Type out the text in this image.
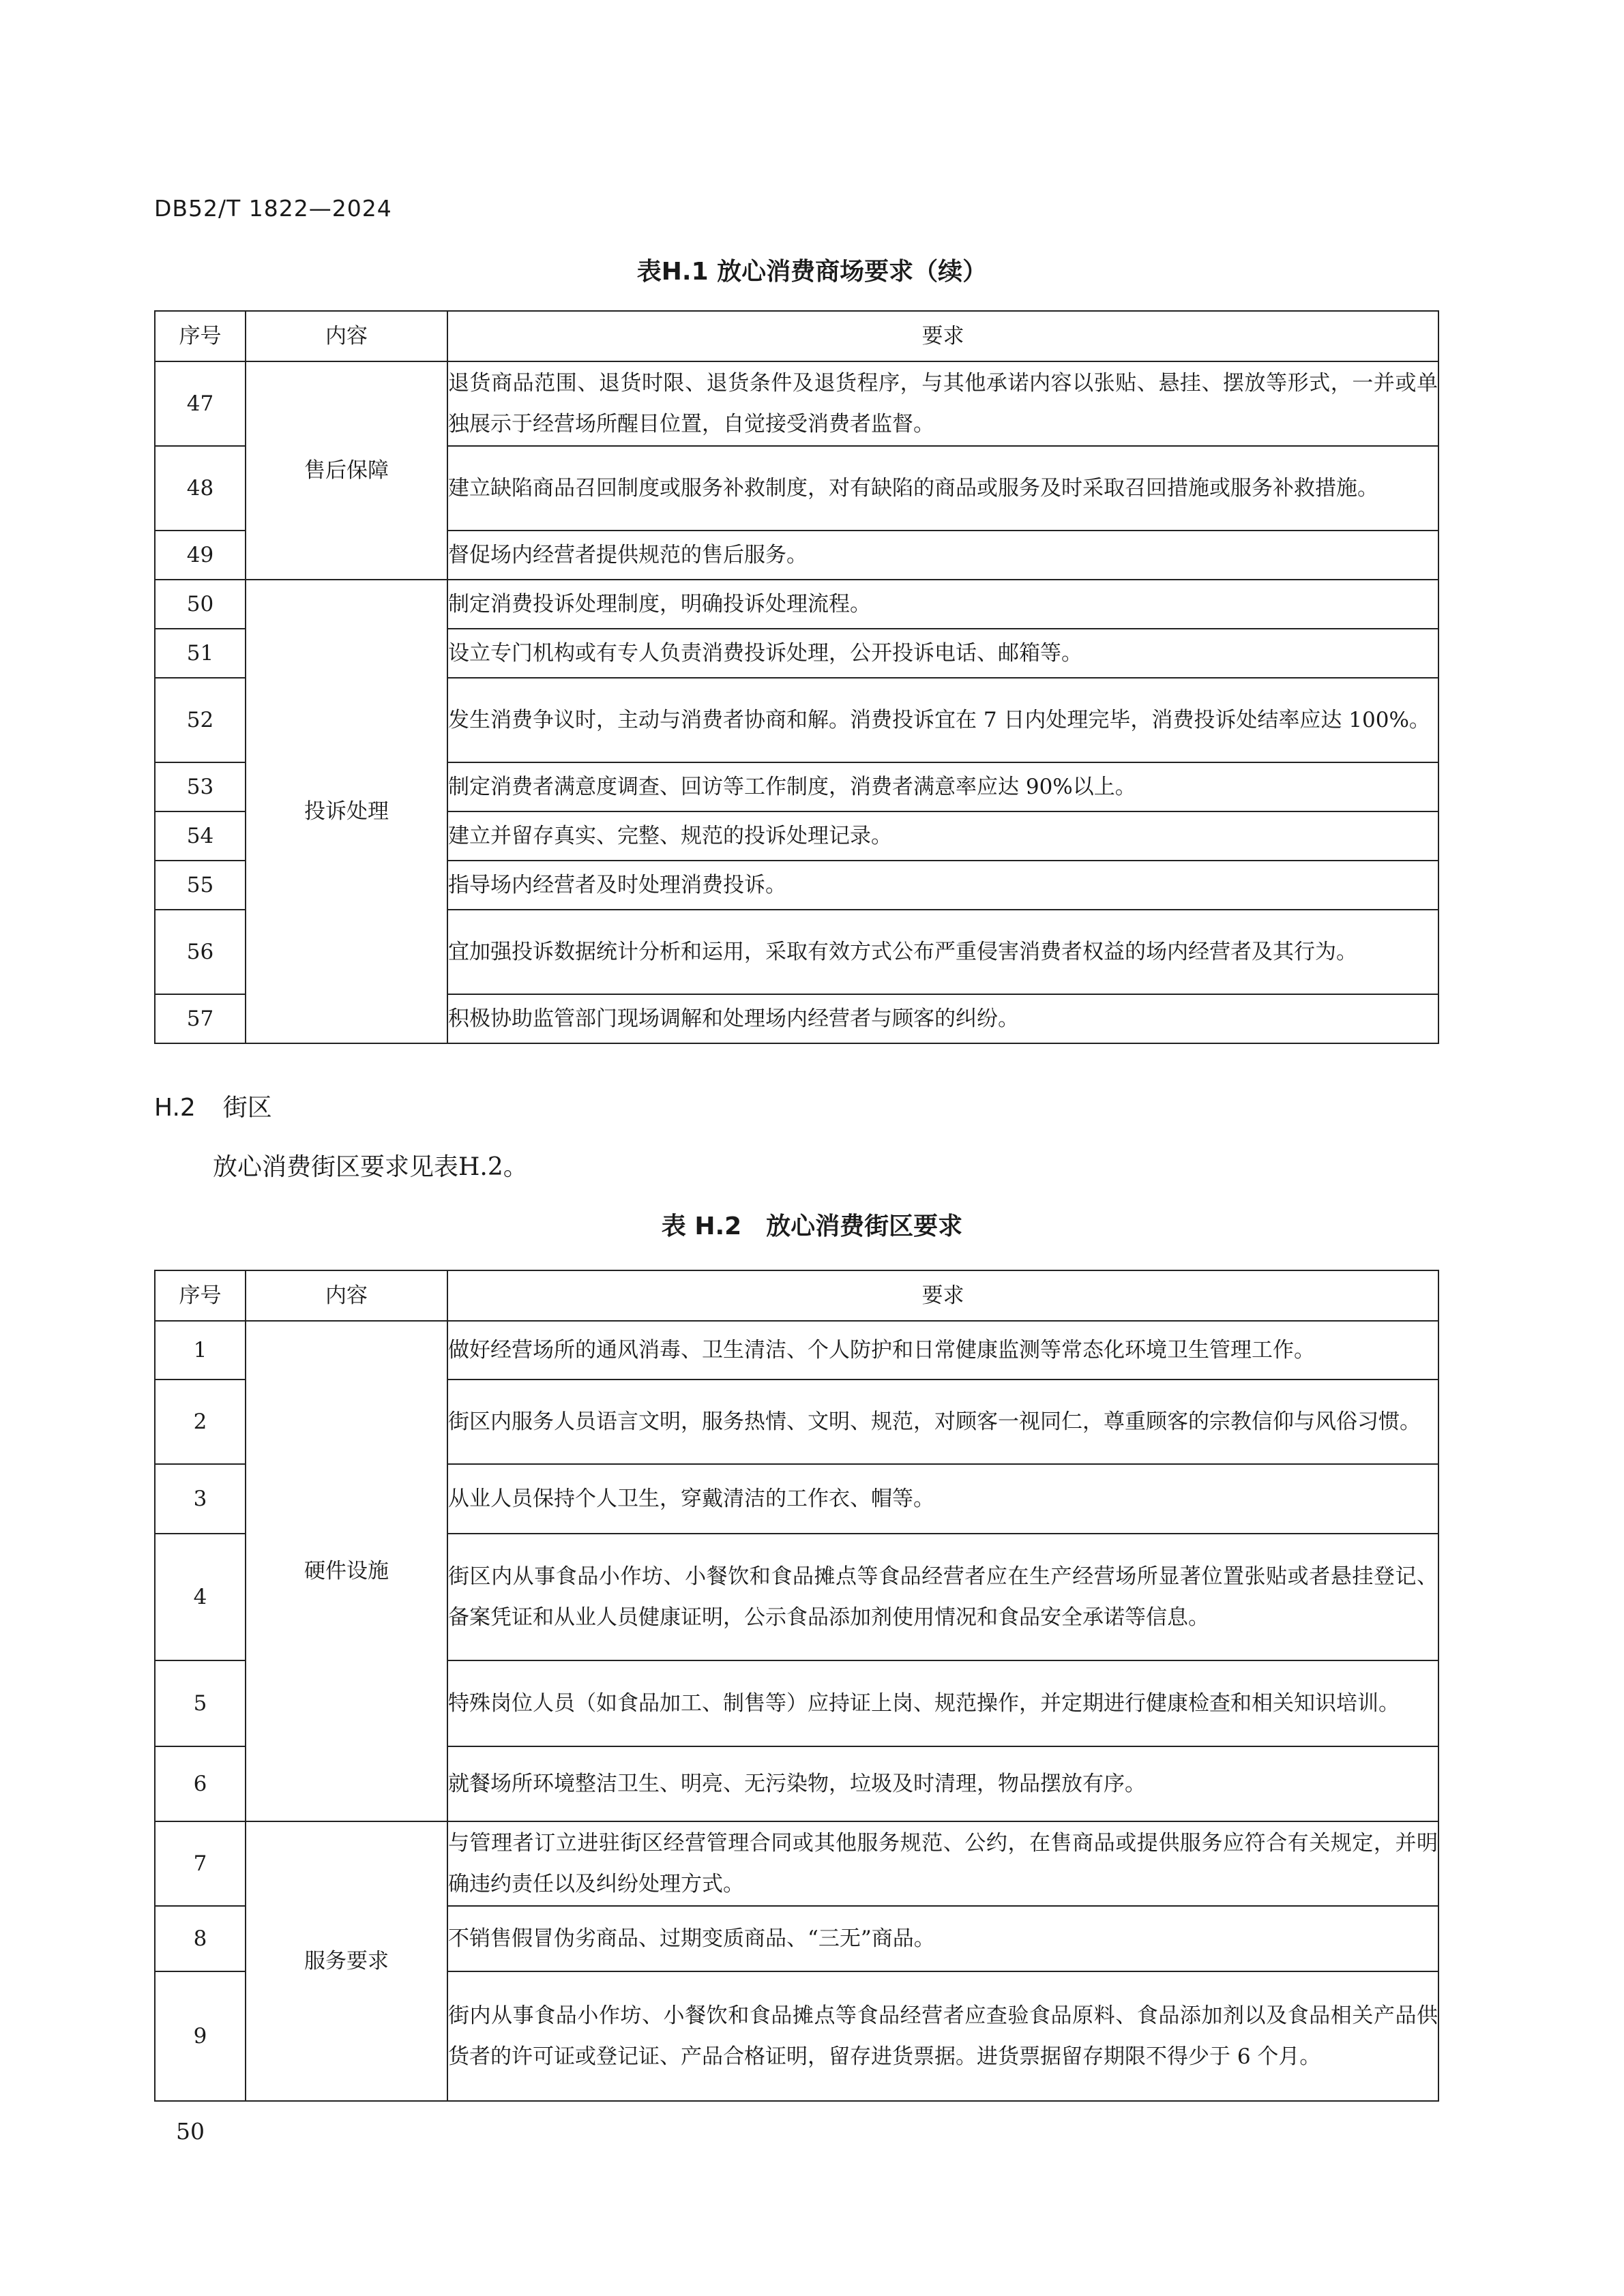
DB52/T 1822—2024
表H.1 放心消费商场要求（续）
序号	内容	要求
47	售后保障	退货商品范围、退货时限、退货条件及退货程序，与其他承诺内容以张贴、悬挂、摆放等形式，一并或单独展示于经营场所醒目位置，自觉接受消费者监督。
48		建立缺陷商品召回制度或服务补救制度，对有缺陷的商品或服务及时采取召回措施或服务补救措施。
49		督促场内经营者提供规范的售后服务。
50	投诉处理	制定消费投诉处理制度，明确投诉处理流程。
51		设立专门机构或有专人负责消费投诉处理，公开投诉电话、邮箱等。
52		发生消费争议时，主动与消费者协商和解。消费投诉宜在 7 日内处理完毕，消费投诉处结率应达 100%。
53		制定消费者满意度调查、回访等工作制度，消费者满意率应达 90%以上。
54		建立并留存真实、完整、规范的投诉处理记录。
55		指导场内经营者及时处理消费投诉。
56		宜加强投诉数据统计分析和运用，采取有效方式公布严重侵害消费者权益的场内经营者及其行为。
57		积极协助监管部门现场调解和处理场内经营者与顾客的纠纷。
H.2 街区
放心消费街区要求见表H.2。
表 H.2　放心消费街区要求
序号	内容	要求
1	硬件设施	做好经营场所的通风消毒、卫生清洁、个人防护和日常健康监测等常态化环境卫生管理工作。
2		街区内服务人员语言文明，服务热情、文明、规范，对顾客一视同仁，尊重顾客的宗教信仰与风俗习惯。
3		从业人员保持个人卫生，穿戴清洁的工作衣、帽等。
4		街区内从事食品小作坊、小餐饮和食品摊点等食品经营者应在生产经营场所显著位置张贴或者悬挂登记、备案凭证和从业人员健康证明，公示食品添加剂使用情况和食品安全承诺等信息。
5		特殊岗位人员（如食品加工、制售等）应持证上岗、规范操作，并定期进行健康检查和相关知识培训。
6		就餐场所环境整洁卫生、明亮、无污染物，垃圾及时清理，物品摆放有序。
7	服务要求	与管理者订立进驻街区经营管理合同或其他服务规范、公约，在售商品或提供服务应符合有关规定，并明确违约责任以及纠纷处理方式。
8		不销售假冒伪劣商品、过期变质商品、“三无”商品。
9		街内从事食品小作坊、小餐饮和食品摊点等食品经营者应查验食品原料、食品添加剂以及食品相关产品供货者的许可证或登记证、产品合格证明，留存进货票据。进货票据留存期限不得少于 6 个月。
50
